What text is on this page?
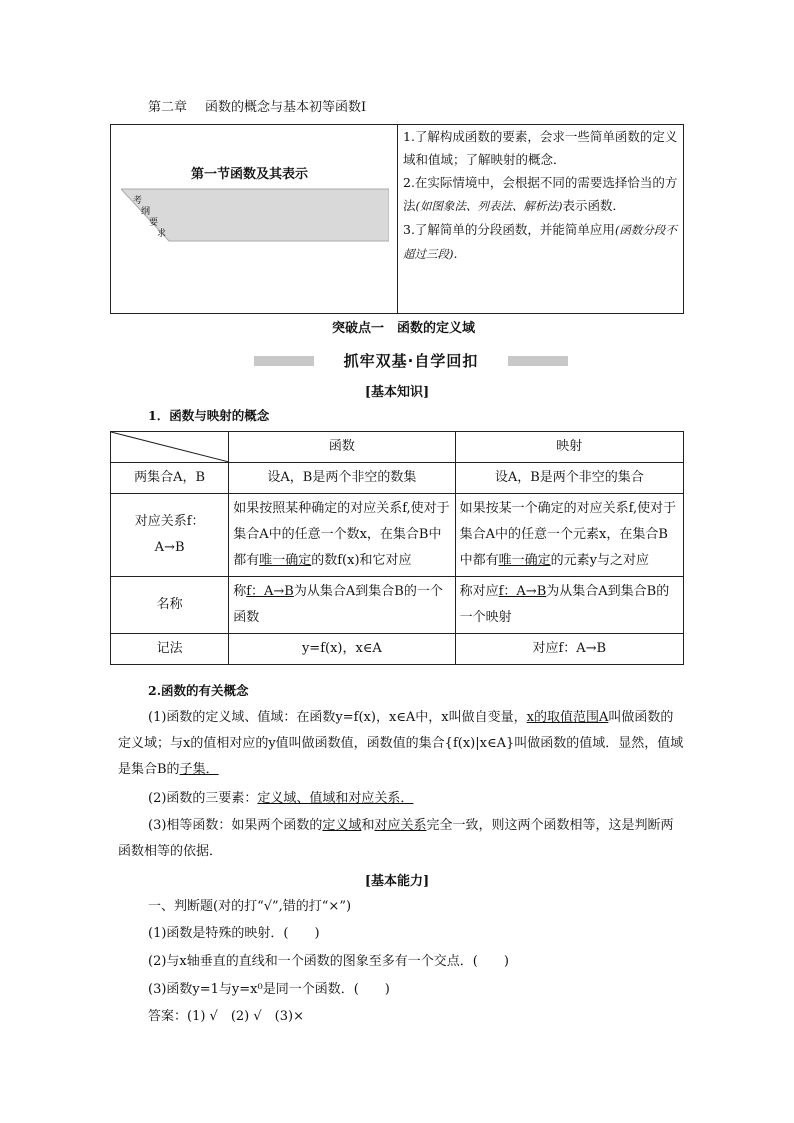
第二章 函数的概念与基本初等函数Ⅰ
第一节函数及其表示
考
纲
要
求
1.了解构成函数的要素，会求一些简单函数的定义域和值域；了解映射的概念．
2.在实际情境中，会根据不同的需要选择恰当的方法(如图象法、列表法、解析法)表示函数．
3.了解简单的分段函数，并能简单应用(函数分段不超过三段).
突破点一　函数的定义域
抓牢双基·自学回扣
[基本知识]
1．函数与映射的概念
	函数	映射
两集合A，B	设A，B是两个非空的数集	设A，B是两个非空的集合

对应关系f：
A→B	如果按照某种确定的对应关系f,使对于集合A中的任意一个数x，在集合B中都有唯一确定的数f(x)和它对应	如果按某一个确定的对应关系f,使对于集合A中的任意一个元素x，在集合B中都有唯一确定的元素y与之对应
名称	称f：A→B为从集合A到集合B的一个函数	称对应f：A→B为从集合A到集合B的一个映射
记法	y=f(x)，x∈A	对应f：A→B
2.函数的有关概念
(1)函数的定义域、值域：在函数y=f(x)，x∈A中，x叫做自变量，x的取值范围A叫做函数的定义域；与x的值相对应的y值叫做函数值，函数值的集合{f(x)|x∈A}叫做函数的值域．显然，值域是集合B的子集．
(2)函数的三要素：定义域、值域和对应关系．
(3)相等函数：如果两个函数的定义域和对应关系完全一致，则这两个函数相等，这是判断两函数相等的依据．
[基本能力]
一、判断题(对的打“√”,错的打“×”)
(1)函数是特殊的映射．(　　)
(2)与x轴垂直的直线和一个函数的图象至多有一个交点．(　　)
(3)函数y=1与y=x⁰是同一个函数．(　　)
答案：(1) √　(2) √　(3)×
